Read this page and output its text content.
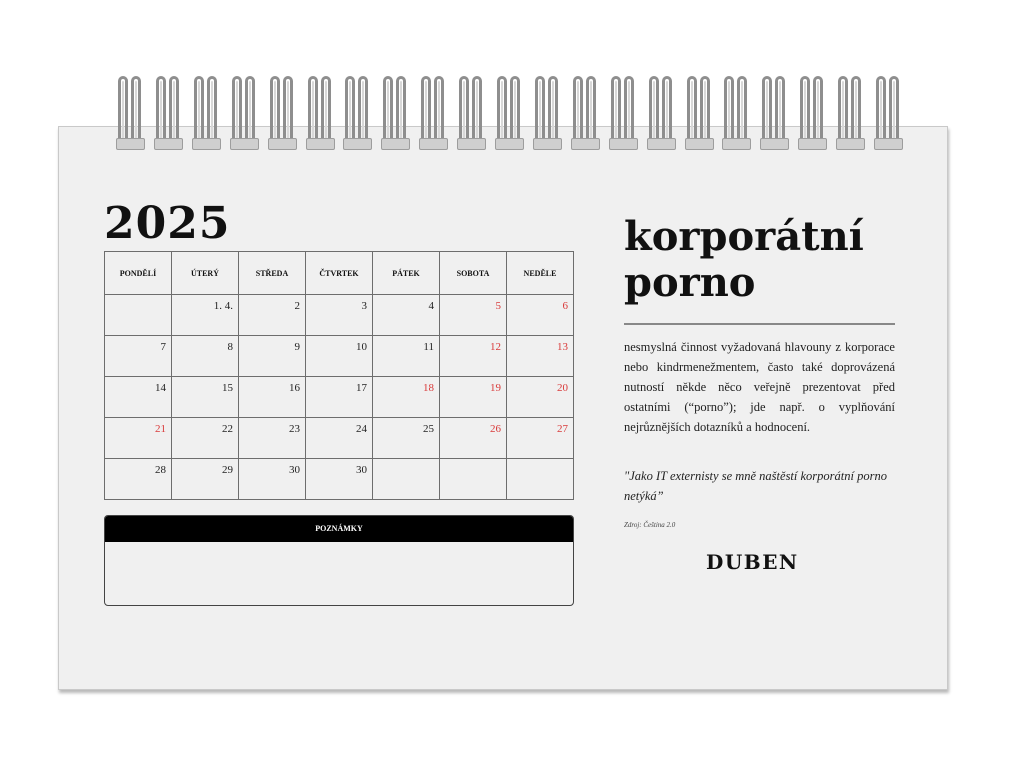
2025
PONDĚLÍ	ÚTERÝ	STŘEDA	ČTVRTEK	PÁTEK	SOBOTA	NEDĚLE
	1. 4.	2	3	4	5	6
7	8	9	10	11	12	13
14	15	16	17	18	19	20
21	22	23	24	25	26	27
28	29	30	30			
POZNÁMKY
korporátní
porno
nesmyslná činnost vyžadovaná hlavouny z korporace nebo kindrmenežmentem, často také doprovázená nutností někde něco veřejně prezentovat před ostatními (“porno”); jde např. o vyplňování nejrůznějších dotazníků a hodnocení.
"Jako IT externisty se mně naštěstí korporátní porno netýká”
Zdroj: Čeština 2.0
DUBEN
